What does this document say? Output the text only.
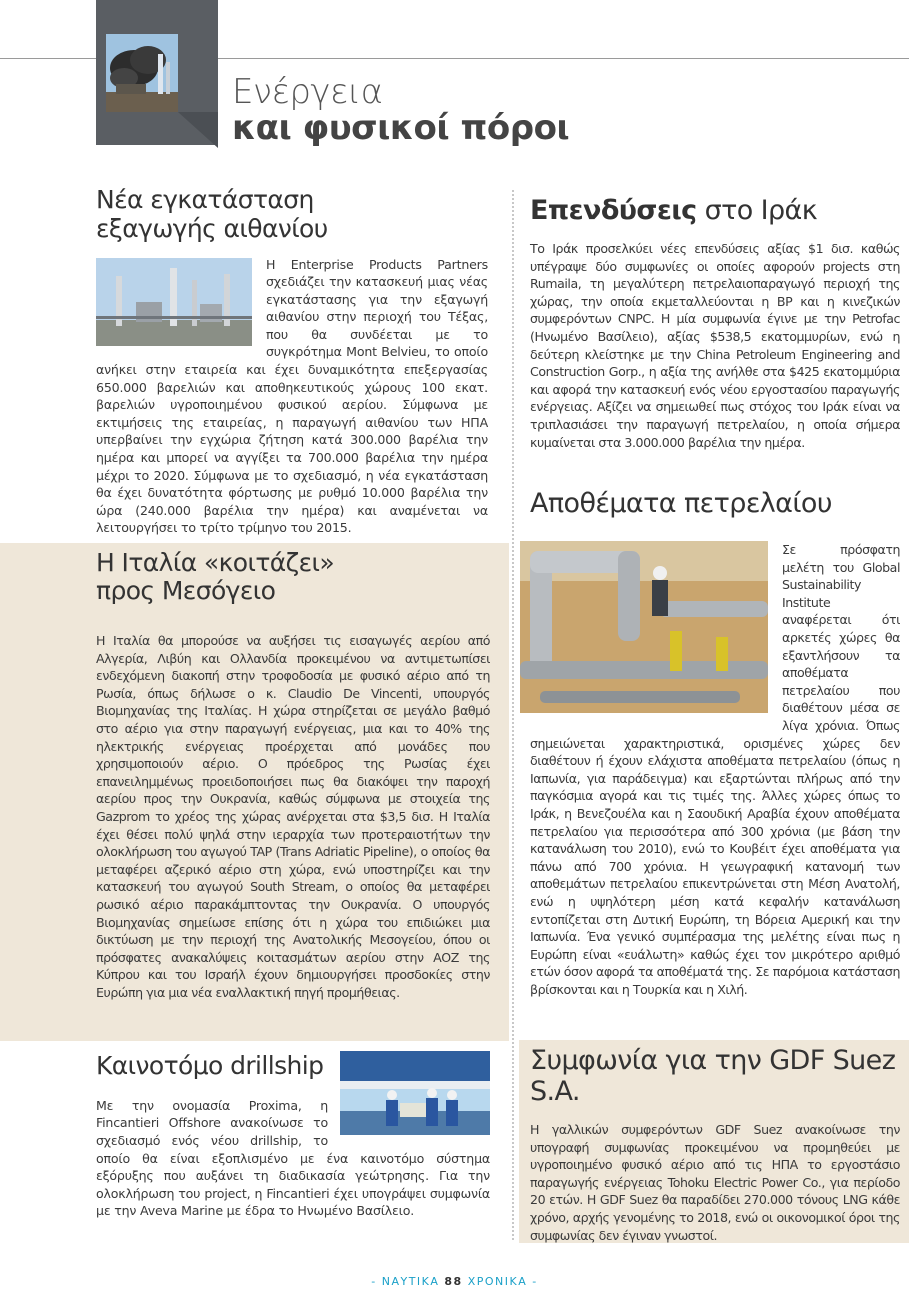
Ενέργεια
και φυσικοί πόροι
Νέα εγκατάσταση
εξαγωγής αιθανίου

Η Enterprise Products Partners σχεδιάζει την κατασκευή μιας νέας εγκατάστασης για την εξαγωγή αιθανίου στην περιοχή του Τέξας, που θα συνδέεται με το συγκρότημα Mont Belvieu, το οποίο ανήκει στην εταιρεία και έχει δυναμικότητα επεξεργασίας 650.000 βαρελιών και αποθηκευτικούς χώρους 100 εκατ. βαρελιών υγροποιημένου φυσικού αερίου. Σύμφωνα με εκτιμήσεις της εταιρείας, η παραγωγή αιθανίου των ΗΠΑ υπερβαίνει την εγχώρια ζήτηση κατά 300.000 βαρέλια την ημέρα και μπορεί να αγγίξει τα 700.000 βαρέλια την ημέρα μέχρι το 2020. Σύμφωνα με το σχεδιασμό, η νέα εγκατάσταση θα έχει δυνατότητα φόρτωσης με ρυθμό 10.000 βαρέλια την ώρα (240.000 βαρέλια την ημέρα) και αναμένεται να λειτουργήσει το τρίτο τρίμηνο του 2015.

Η Ιταλία «κοιτάζει»
προς Μεσόγειο

Η Ιταλία θα μπορούσε να αυξήσει τις εισαγωγές αερίου από Αλγερία, Λιβύη και Ολλανδία προκειμένου να αντιμετωπίσει ενδεχόμενη διακοπή στην τροφοδοσία με φυσικό αέριο από τη Ρωσία, όπως δήλωσε ο κ. Claudio De Vincenti, υπουργός Βιομηχανίας της Ιταλίας. Η χώρα στηρίζεται σε μεγάλο βαθμό στο αέριο για στην παραγωγή ενέργειας, μια και το 40% της ηλεκτρικής ενέργειας προέρχεται από μονάδες που χρησιμοποιούν αέριο. Ο πρόεδρος της Ρωσίας έχει επανειλημμένως προειδοποιήσει πως θα διακόψει την παροχή αερίου προς την Ουκρανία, καθώς σύμφωνα με στοιχεία της Gazprom το χρέος της χώρας ανέρχεται στα $3,5 δισ. Η Ιταλία έχει θέσει πολύ ψηλά στην ιεραρχία των προτεραιοτήτων την ολοκλήρωση του αγωγού TAP (Trans Adriatic Pipeline), ο οποίος θα μεταφέρει αζερικό αέριο στη χώρα, ενώ υποστηρίζει και την κατασκευή του αγωγού South Stream, ο οποίος θα μεταφέρει ρωσικό αέριο παρακάμπτοντας την Ουκρανία. Ο υπουργός Βιομηχανίας σημείωσε επίσης ότι η χώρα του επιδιώκει μια δικτύωση με την περιοχή της Ανατολικής Μεσογείου, όπου οι πρόσφατες ανακαλύψεις κοιτασμάτων αερίου στην ΑΟΖ της Κύπρου και του Ισραήλ έχουν δημιουργήσει προσδοκίες στην Ευρώπη για μια νέα εναλλακτική πηγή προμήθειας.

Καινοτόμο drillship

Με την ονομασία Proxima, η Fincantieri Offshore ανακοίνωσε το σχεδιασμό ενός νέου drillship, το οποίο θα είναι εξοπλισμένο με ένα καινοτόμο σύστημα εξόρυξης που αυξάνει τη διαδικασία γεώτρησης. Για την ολοκλήρωση του project, η Fincantieri έχει υπογράψει συμφωνία με την Aveva Marine με έδρα το Ηνωμένο Βασίλειο.

Επενδύσεις στο Ιράκ

Το Ιράκ προσελκύει νέες επενδύσεις αξίας $1 δισ. καθώς υπέγραψε δύο συμφωνίες οι οποίες αφορούν projects στη Rumaila, τη μεγαλύτερη πετρελαιοπαραγωγό περιοχή της χώρας, την οποία εκμεταλλεύονται η BP και η κινεζικών συμφερόντων CNPC. Η μία συμφωνία έγινε με την Petrofac (Ηνωμένο Βασίλειο), αξίας $538,5 εκατομμυρίων, ενώ η δεύτερη κλείστηκε με την China Petroleum Engineering and Construction Gorp., η αξία της ανήλθε στα $425 εκατομμύρια και αφορά την κατασκευή ενός νέου εργοστασίου παραγωγής ενέργειας. Αξίζει να σημειωθεί πως στόχος του Ιράκ είναι να τριπλασιάσει την παραγωγή πετρελαίου, η οποία σήμερα κυμαίνεται στα 3.000.000 βαρέλια την ημέρα.

Αποθέματα πετρελαίου

Σε πρόσφατη μελέτη του Global Sustainability Institute αναφέρεται ότι αρκετές χώρες θα εξαντλήσουν τα αποθέματα πετρελαίου που διαθέτουν μέσα σε λίγα χρόνια. Όπως σημειώνεται χαρακτηριστικά, ορισμένες χώρες δεν διαθέτουν ή έχουν ελάχιστα αποθέματα πετρελαίου (όπως η Ιαπωνία, για παράδειγμα) και εξαρτώνται πλήρως από την παγκόσμια αγορά και τις τιμές της. Άλλες χώρες όπως το Ιράκ, η Βενεζουέλα και η Σαουδική Αραβία έχουν αποθέματα πετρελαίου για περισσότερα από 300 χρόνια (με βάση την κατανάλωση του 2010), ενώ το Κουβέιτ έχει αποθέματα για πάνω από 700 χρόνια. Η γεωγραφική κατανομή των αποθεμάτων πετρελαίου επικεντρώνεται στη Μέση Ανατολή, ενώ η υψηλότερη μέση κατά κεφαλήν κατανάλωση εντοπίζεται στη Δυτική Ευρώπη, τη Βόρεια Αμερική και την Ιαπωνία. Ένα γενικό συμπέρασμα της μελέτης είναι πως η Ευρώπη είναι «ευάλωτη» καθώς έχει τον μικρότερο αριθμό ετών όσον αφορά τα αποθέματά της. Σε παρόμοια κατάσταση βρίσκονται και η Τουρκία και η Χιλή.

Συμφωνία για την GDF Suez S.A.

Η γαλλικών συμφερόντων GDF Suez ανακοίνωσε την υπογραφή συμφωνίας προκειμένου να προμηθεύει με υγροποιημένο φυσικό αέριο από τις ΗΠΑ το εργοστάσιο παραγωγής ενέργειας Tohoku Electric Power Co., για περίοδο 20 ετών. Η GDF Suez θα παραδίδει 270.000 τόνους LNG κάθε χρόνο, αρχής γενομένης το 2018, ενώ οι οικονομικοί όροι της συμφωνίας δεν έγιναν γνωστοί.

- ΝΑΥΤΙΚΑ 88 ΧΡΟΝΙΚΑ -
